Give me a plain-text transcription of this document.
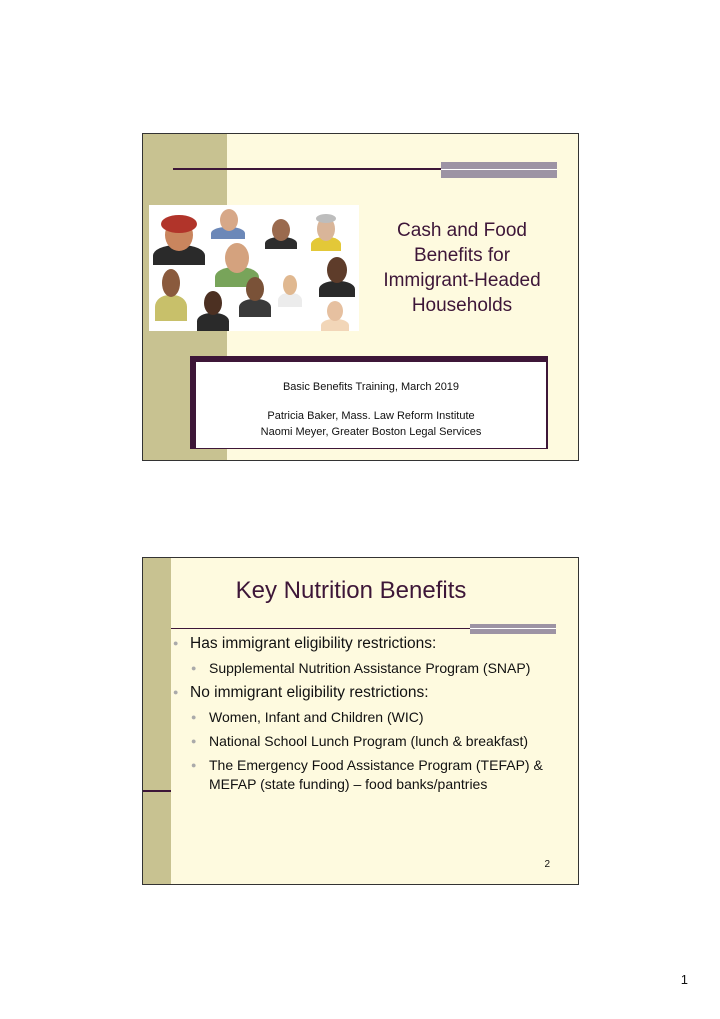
Cash and Food
Benefits for
Immigrant-Headed
Households
Basic Benefits Training, March 2019
Patricia Baker, Mass. Law Reform Institute
Naomi Meyer, Greater Boston Legal Services
Key Nutrition Benefits
● Has immigrant eligibility restrictions:
● Supplemental Nutrition Assistance Program (SNAP)
● No immigrant eligibility restrictions:
● Women, Infant and Children (WIC)
● National School Lunch Program (lunch & breakfast)
● The Emergency Food Assistance Program (TEFAP) & MEFAP (state funding) – food banks/pantries
2
1
